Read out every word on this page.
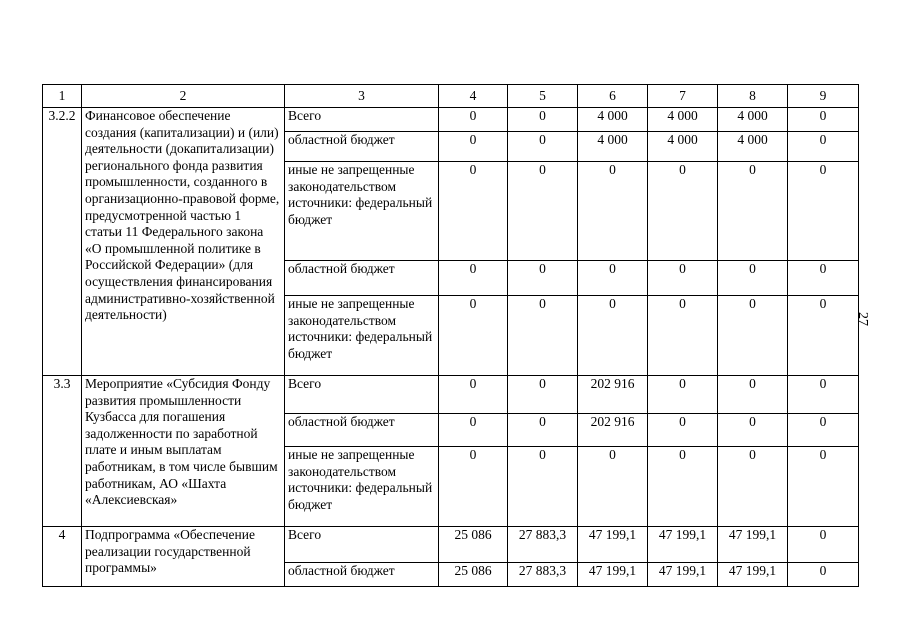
1	2	3	4	5	6	7	8	9
3.2.2	Финансовое обеспечение создания (капитализации) и (или) деятельности (докапитализации) регионального фонда развития промышленности, созданного в организационно-правовой форме, предусмотренной частью 1 статьи 11 Федерального закона «О промышленной политике в Российской Федерации» (для осуществления финансирования административно-хозяйственной деятельности)	Всего	0	0	4 000	4 000	4 000	0
		областной бюджет	0	0	4 000	4 000	4 000	0
		иные не запрещенные законодательством источники: федеральный бюджет	0	0	0	0	0	0
		областной бюджет	0	0	0	0	0	0
		иные не запрещенные законодательством источники: федеральный бюджет	0	0	0	0	0	0
3.3	Мероприятие «Субсидия Фонду развития промышленности Кузбасса для погашения задолженности по заработной плате и иным выплатам работникам, в том числе бывшим работникам, АО «Шахта «Алексиевская»	Всего	0	0	202 916	0	0	0
		областной бюджет	0	0	202 916	0	0	0
		иные не запрещенные законодательством источники: федеральный бюджет	0	0	0	0	0	0
4	Подпрограмма «Обеспечение реализации государственной программы»	Всего	25 086	27 883,3	47 199,1	47 199,1	47 199,1	0
		областной бюджет	25 086	27 883,3	47 199,1	47 199,1	47 199,1	0
27
